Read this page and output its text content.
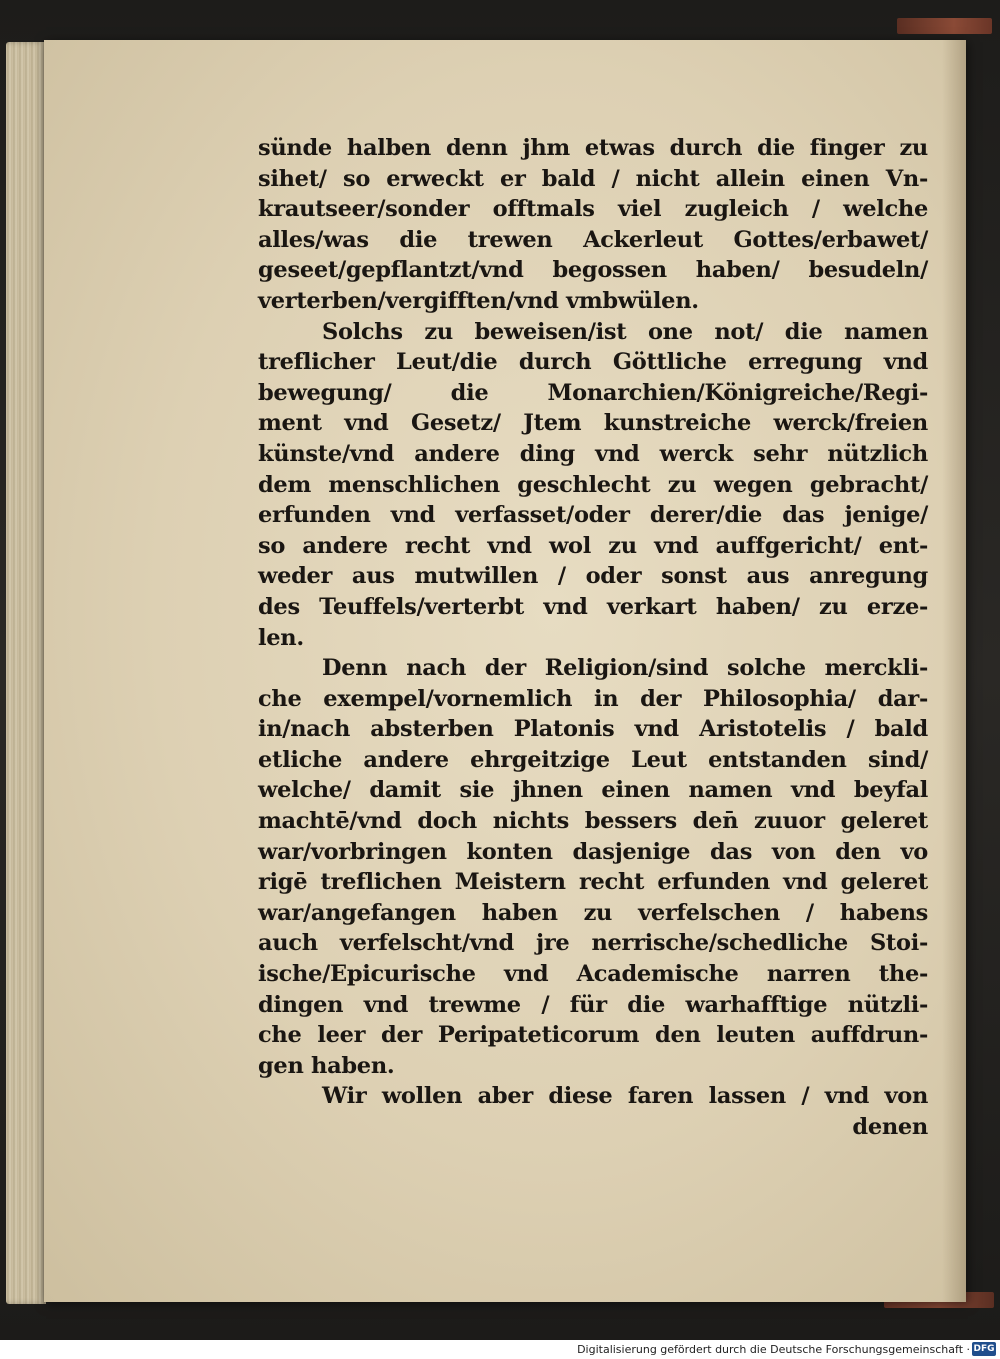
sünde halben denn jhm etwas durch die finger zu
sihet/ so erweckt er bald / nicht allein einen Vn-
krautseer/sonder offtmals viel zugleich / welche
alles/was die trewen Ackerleut Gottes/erbawet/
geseet/gepflantzt/vnd begossen haben/ besudeln/
verterben/vergifften/vnd vmbwülen.
Solchs zu beweisen/ist one not/ die namen
treflicher Leut/die durch Göttliche erregung vnd
bewegung/ die Monarchien/Königreiche/Regi-
ment vnd Gesetz/ Jtem kunstreiche werck/freien
künste/vnd andere ding vnd werck sehr nützlich
dem menschlichen geschlecht zu wegen gebracht/
erfunden vnd verfasset/oder derer/die das jenige/
so andere recht vnd wol zu vnd auffgericht/ ent-
weder aus mutwillen / oder sonst aus anregung
des Teuffels/verterbt vnd verkart haben/ zu erze-
len.
Denn nach der Religion/sind solche merckli-
che exempel/vornemlich in der Philosophia/ dar-
in/nach absterben Platonis vnd Aristotelis / bald
etliche andere ehrgeitzige Leut entstanden sind/
welche/ damit sie jhnen einen namen vnd beyfal
machtē/vnd doch nichts bessers den̄ zuuor geleret
war/vorbringen konten dasjenige das von den vo
rigē treflichen Meistern recht erfunden vnd geleret
war/angefangen haben zu verfelschen / habens
auch verfelscht/vnd jre nerrische/schedliche Stoi-
ische/Epicurische vnd Academische narren the-
dingen vnd trewme / für die warhafftige nützli-
che leer der Peripateticorum den leuten auffdrun-
gen haben.
Wir wollen aber diese faren lassen / vnd von
denen
Digitalisierung gefördert durch die Deutsche Forschungsgemeinschaft · DFG
